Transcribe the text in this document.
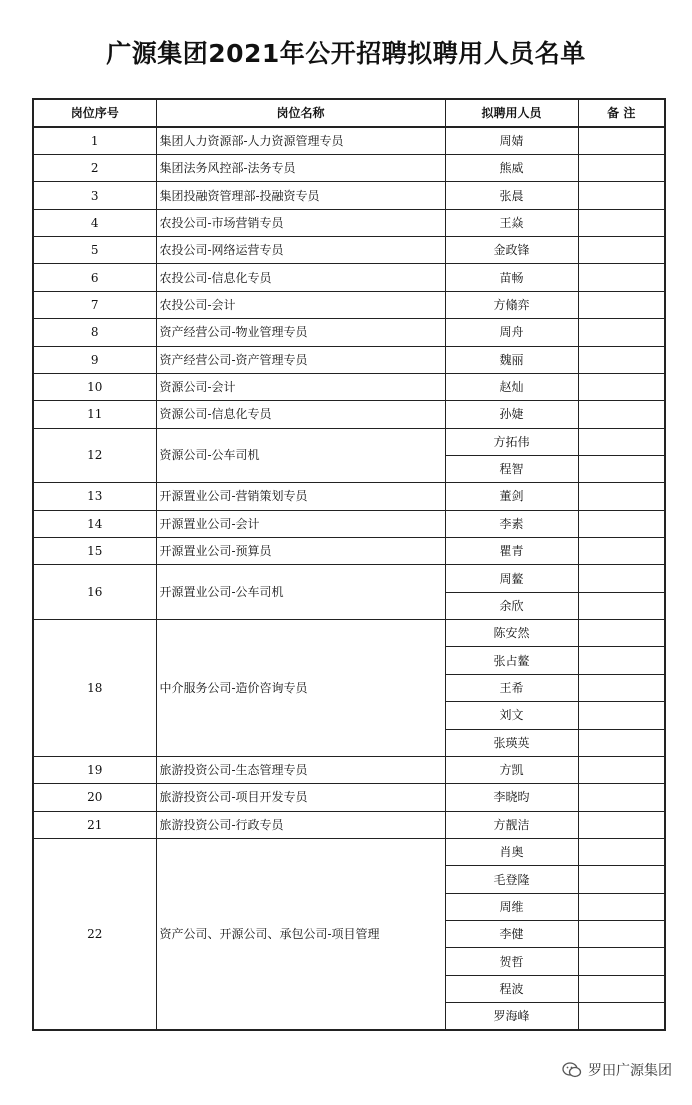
广源集团2021年公开招聘拟聘用人员名单
岗位序号	岗位名称	拟聘用人员	备 注
1	集团人力资源部-人力资源管理专员	周婧	
2	集团法务风控部-法务专员	熊威	
3	集团投融资管理部-投融资专员	张晨	
4	农投公司-市场营销专员	王焱	
5	农投公司-网络运营专员	金政锋	
6	农投公司-信息化专员	苗畅	
7	农投公司-会计	方翛弈	
8	资产经营公司-物业管理专员	周舟	
9	资产经营公司-资产管理专员	魏丽	
10	资源公司-会计	赵灿	
11	资源公司-信息化专员	孙婕	
12	资源公司-公车司机	方拓伟	
		程智	
13	开源置业公司-营销策划专员	董剑	
14	开源置业公司-会计	李素	
15	开源置业公司-预算员	瞿青	
16	开源置业公司-公车司机	周鳌	
		余欣	
18	中介服务公司-造价咨询专员	陈安然	
		张占鳌	
		王希	
		刘文	
		张瑛英	
19	旅游投资公司-生态管理专员	方凯	
20	旅游投资公司-项目开发专员	李晓昀	
21	旅游投资公司-行政专员	方靓洁	
22	资产公司、开源公司、承包公司-项目管理	肖奥	
		毛登隆	
		周维	
		李健	
		贺哲	
		程波	
		罗海峰	
罗田广源集团
